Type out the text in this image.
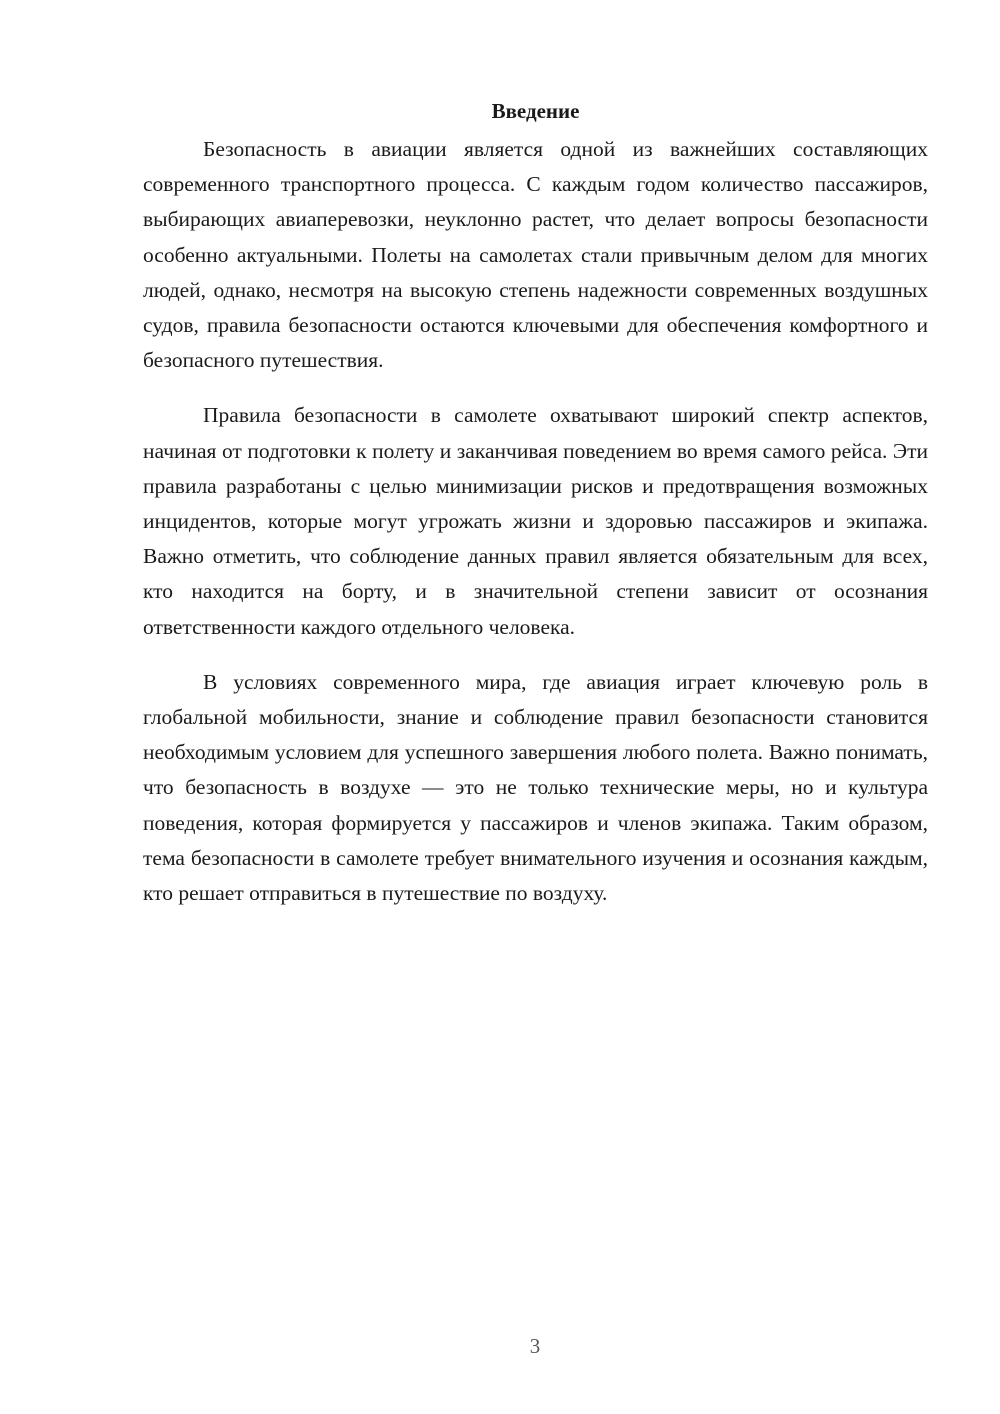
Введение

Безопасность в авиации является одной из важнейших составляющих современного транспортного процесса. С каждым годом количество пассажиров, выбирающих авиаперевозки, неуклонно растет, что делает вопросы безопасности особенно актуальными. Полеты на самолетах стали привычным делом для многих людей, однако, несмотря на высокую степень надежности современных воздушных судов, правила безопасности остаются ключевыми для обеспечения комфортного и безопасного путешествия.

Правила безопасности в самолете охватывают широкий спектр аспектов, начиная от подготовки к полету и заканчивая поведением во время самого рейса. Эти правила разработаны с целью минимизации рисков и предотвращения возможных инцидентов, которые могут угрожать жизни и здоровью пассажиров и экипажа. Важно отметить, что соблюдение данных правил является обязательным для всех, кто находится на борту, и в значительной степени зависит от осознания ответственности каждого отдельного человека.

В условиях современного мира, где авиация играет ключевую роль в глобальной мобильности, знание и соблюдение правил безопасности становится необходимым условием для успешного завершения любого полета. Важно понимать, что безопасность в воздухе — это не только технические меры, но и культура поведения, которая формируется у пассажиров и членов экипажа. Таким образом, тема безопасности в самолете требует внимательного изучения и осознания каждым, кто решает отправиться в путешествие по воздуху.

3
